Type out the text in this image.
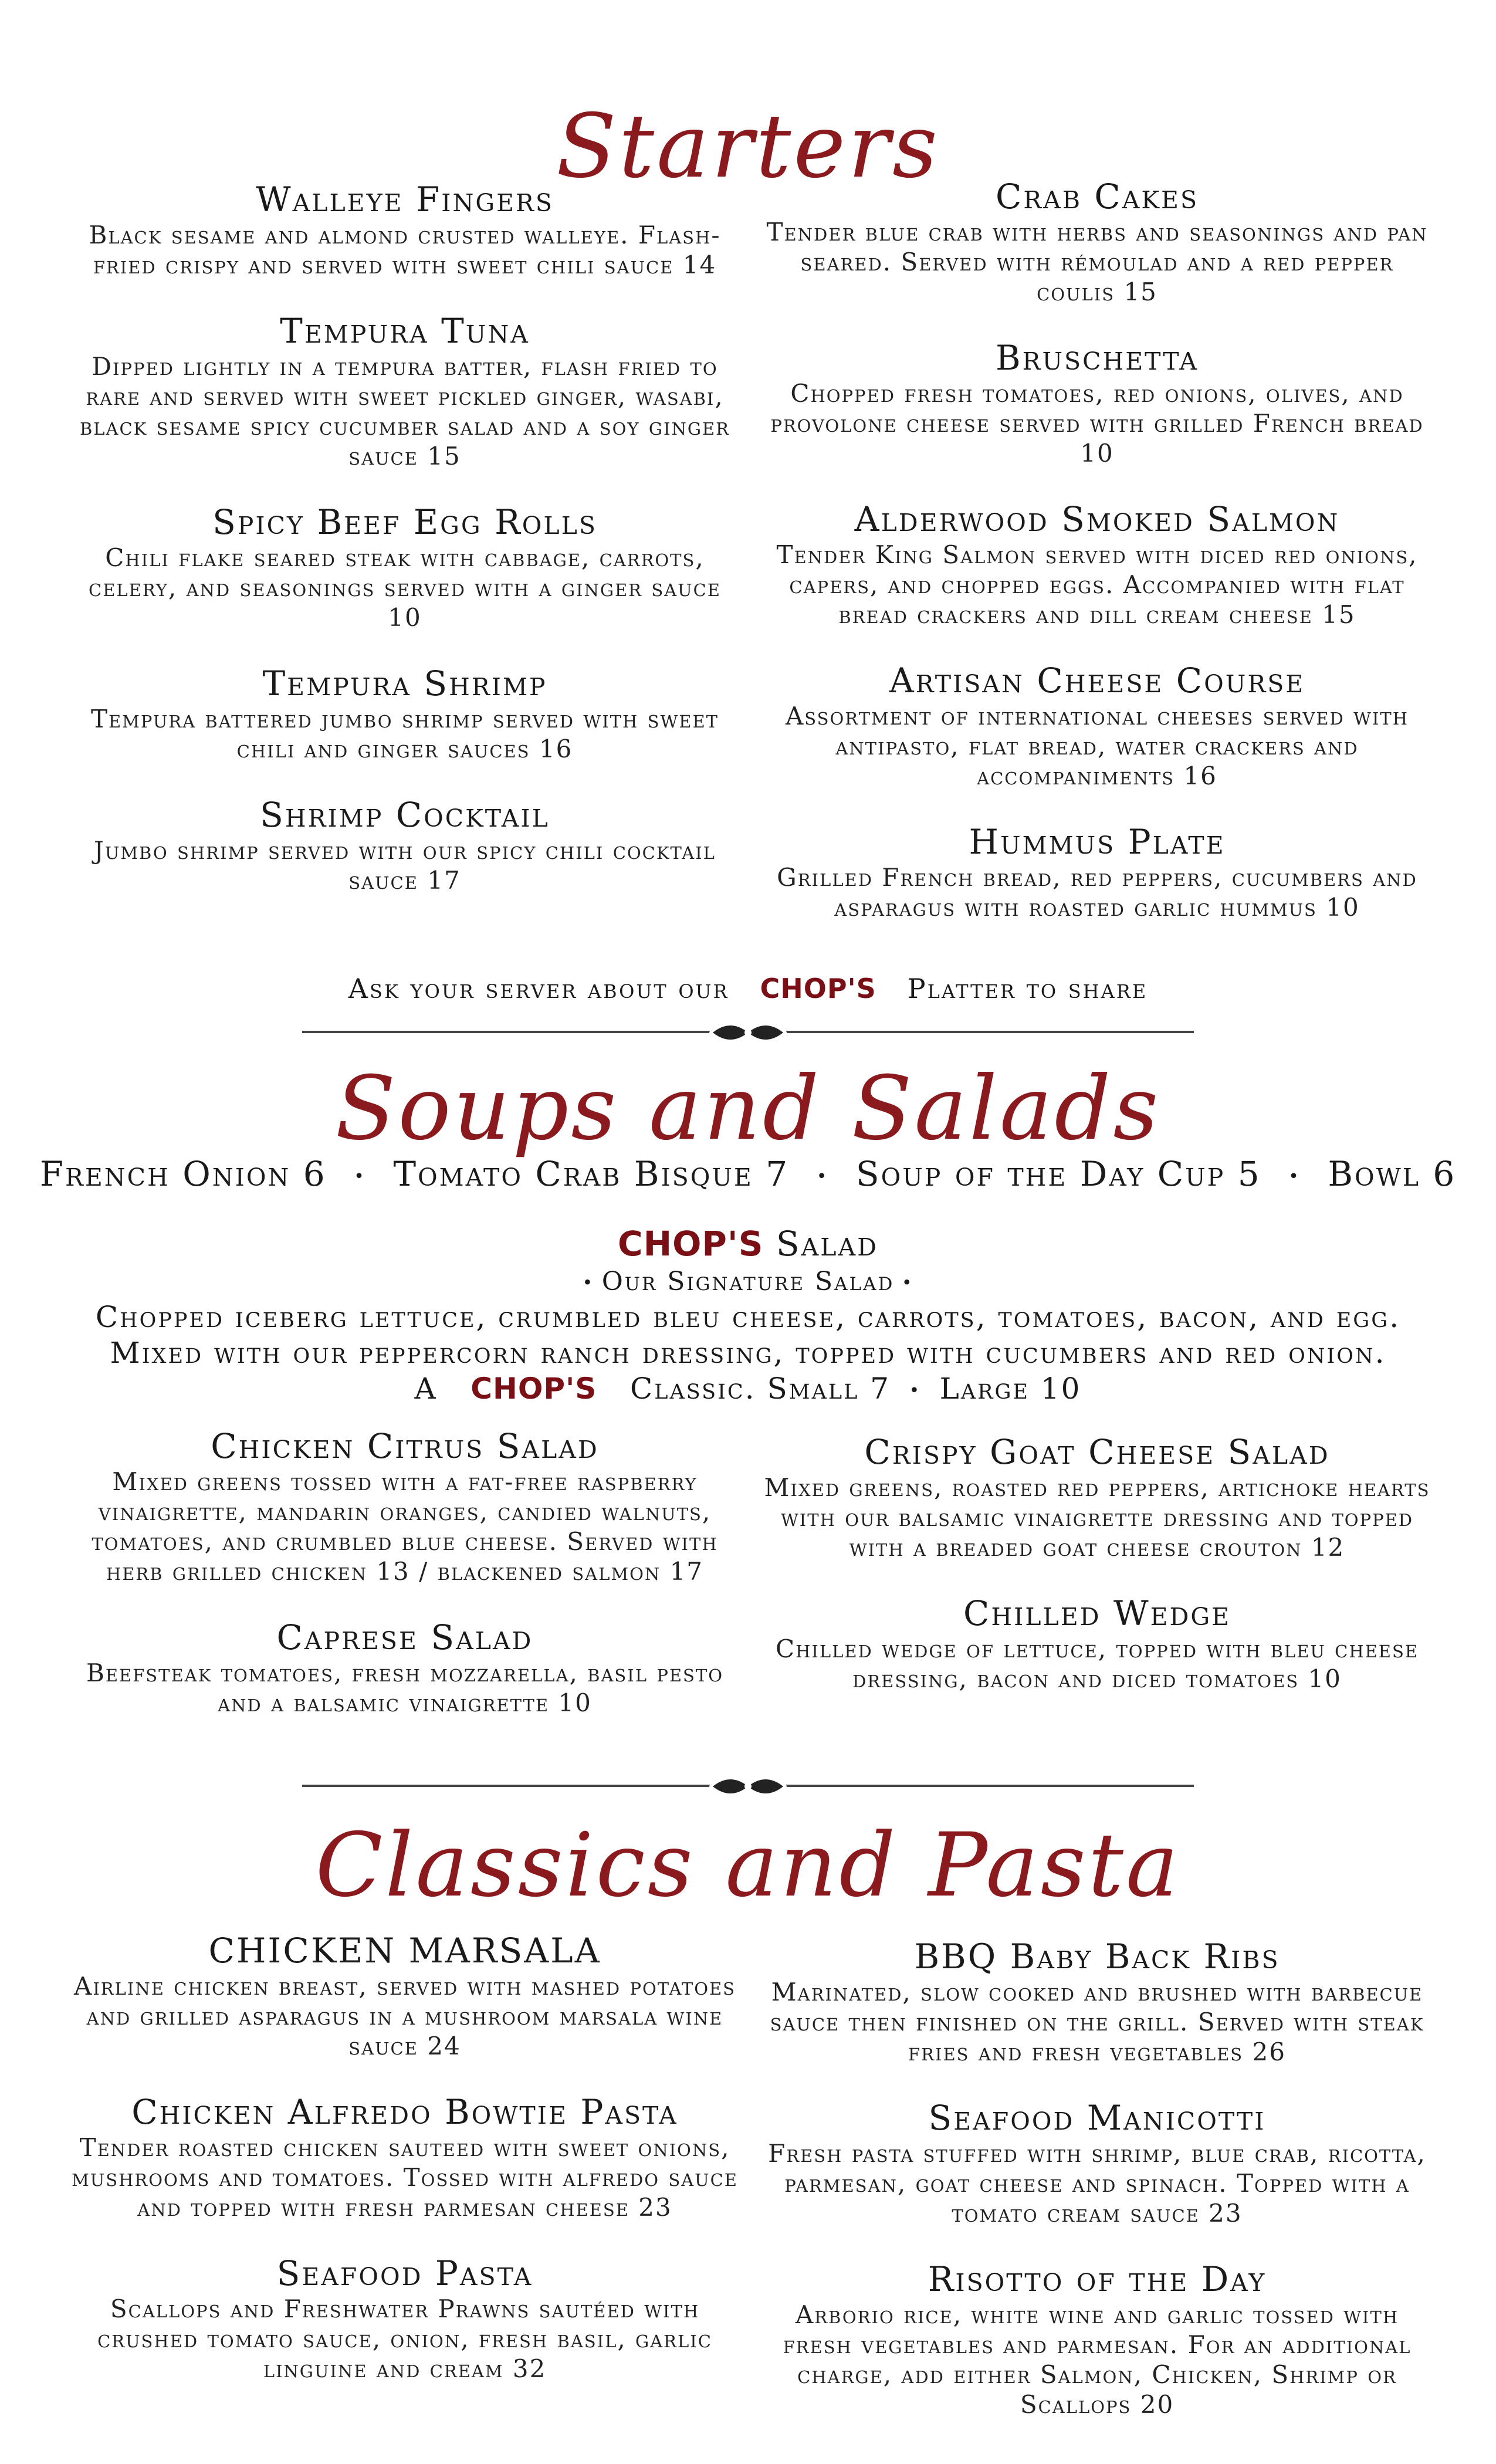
Starters
Walleye Fingers
Black sesame and almond crusted walleye. Flash-fried crispy and served with sweet chili sauce 14
Tempura Tuna
Dipped lightly in a tempura batter, flash fried to rare and served with sweet pickled ginger, wasabi, black sesame spicy cucumber salad and a soy ginger sauce 15
Spicy Beef Egg Rolls
Chili flake seared steak with cabbage, carrots, celery, and seasonings served with a ginger sauce 10
Tempura Shrimp
Tempura battered jumbo shrimp served with sweet chili and ginger sauces 16
Shrimp Cocktail
Jumbo shrimp served with our spicy chili cocktail sauce 17
Crab Cakes
Tender blue crab with herbs and seasonings and pan seared. Served with rémoulad and a red pepper coulis 15
Bruschetta
Chopped fresh tomatoes, red onions, olives, and provolone cheese served with grilled French bread 10
Alderwood Smoked Salmon
Tender King Salmon served with diced red onions, capers, and chopped eggs. Accompanied with flat bread crackers and dill cream cheese 15
Artisan Cheese Course
Assortment of international cheeses served with antipasto, flat bread, water crackers and accompaniments 16
Hummus Plate
Grilled French bread, red peppers, cucumbers and asparagus with roasted garlic hummus 10
Ask your server about our CHOP'S Platter to share
Soups and Salads
French Onion 6   •   Tomato Crab Bisque 7   •   Soup of the Day Cup 5   •   Bowl 6
CHOP'S Salad
• Our Signature Salad •
Chopped iceberg lettuce, crumbled bleu cheese, carrots, tomatoes, bacon, and egg.
Mixed with our peppercorn ranch dressing, topped with cucumbers and red onion.
A CHOP'S Classic. Small 7  •  Large 10
Chicken Citrus Salad
Mixed greens tossed with a fat-free raspberry vinaigrette, mandarin oranges, candied walnuts, tomatoes, and crumbled blue cheese. Served with herb grilled chicken 13 / blackened salmon 17
Caprese Salad
Beefsteak tomatoes, fresh mozzarella, basil pesto and a balsamic vinaigrette 10
Crispy Goat Cheese Salad
Mixed greens, roasted red peppers, artichoke hearts with our balsamic vinaigrette dressing and topped with a breaded goat cheese crouton 12
Chilled Wedge
Chilled wedge of lettuce, topped with bleu cheese dressing, bacon and diced tomatoes 10
Classics and Pasta
CHICKEN MARSALA
Airline chicken breast, served with mashed potatoes and grilled asparagus in a mushroom marsala wine sauce 24
Chicken Alfredo Bowtie Pasta
Tender roasted chicken sauteed with sweet onions, mushrooms and tomatoes. Tossed with alfredo sauce and topped with fresh parmesan cheese 23
Seafood Pasta
Scallops and Freshwater Prawns sautéed with crushed tomato sauce, onion, fresh basil, garlic linguine and cream 32
BBQ Baby Back Ribs
Marinated, slow cooked and brushed with barbecue sauce then finished on the grill. Served with steak fries and fresh vegetables 26
Seafood Manicotti
Fresh pasta stuffed with shrimp, blue crab, ricotta, parmesan, goat cheese and spinach. Topped with a tomato cream sauce 23
Risotto of the Day
Arborio rice, white wine and garlic tossed with fresh vegetables and parmesan. For an additional charge, add either Salmon, Chicken, Shrimp or Scallops 20
